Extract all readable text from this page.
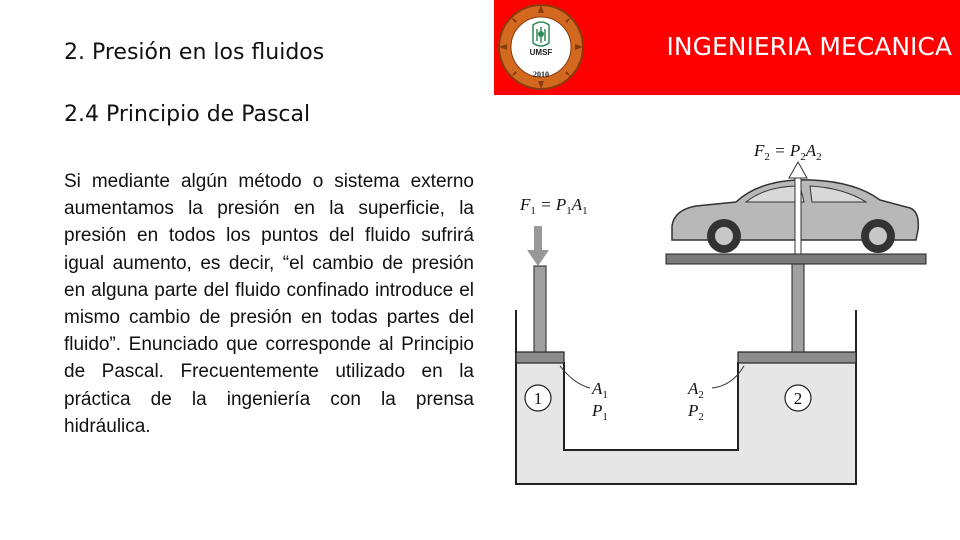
2. Presión en los fluidos
2.4 Principio de Pascal
Si mediante algún método o sistema externo aumentamos la presión en la superficie, la presión en todos los puntos del fluido sufrirá igual aumento, es decir, “el cambio de presión en alguna parte del fluido confinado introduce el mismo cambio de presión en todas partes del fluido”. Enunciado que corresponde al Principio de Pascal. Frecuentemente utilizado en la práctica de la ingeniería con la prensa hidráulica.
INGENIERIA MECANICA
UMSF
2010
$F_2 = P_2A_2$
$F_1 = P_1A_1$
1	2
$A_1$
$P_1$
$A_2$
$P_2$
